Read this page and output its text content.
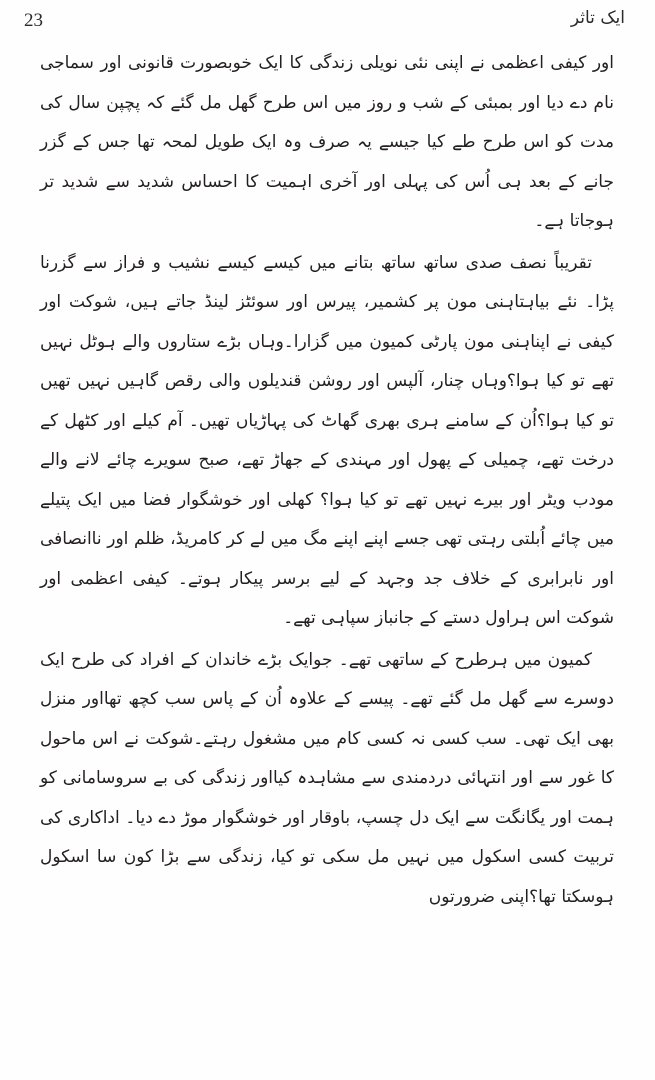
23	ایک تاثر

اور کیفی اعظمی نے اپنی نئی نویلی زندگی کا ایک خوبصورت قانونی اور سماجی نام دے دیا اور بمبئی کے شب و روز میں اس طرح گھل مل گئے کہ پچپن سال کی مدت کو اس طرح طے کیا جیسے یہ صرف وہ ایک طویل لمحہ تھا جس کے گزر جانے کے بعد ہی اُس کی پہلی اور آخری اہمیت کا احساس شدید سے شدید تر ہوجاتا ہے۔

تقریباً نصف صدی ساتھ ساتھ بتانے میں کیسے کیسے نشیب و فراز سے گزرنا پڑا۔ نئے بیاہتاہنی مون پر کشمیر، پیرس اور سوئٹز لینڈ جاتے ہیں، شوکت اور کیفی نے اپناہنی مون پارٹی کمیون میں گزارا۔وہاں بڑے ستاروں والے ہوٹل نہیں تھے تو کیا ہوا؟وہاں چنار، آلپس اور روشن قندیلوں والی رقص گاہیں نہیں تھیں تو کیا ہوا؟اُن کے سامنے ہری بھری گھاٹ کی پہاڑیاں تھیں۔ آم کیلے اور کٹھل کے درخت تھے، چمیلی کے پھول اور مہندی کے جھاڑ تھے، صبح سویرے چائے لانے والے مودب ویٹر اور بیرے نہیں تھے تو کیا ہوا؟ کھلی اور خوشگوار فضا میں ایک پتیلے میں چائے اُبلتی رہتی تھی جسے اپنے اپنے مگ میں لے کر کامریڈ، ظلم اور ناانصافی اور نابرابری کے خلاف جد وجہد کے لیے برسر پیکار ہوتے۔ کیفی اعظمی اور شوکت اس ہراول دستے کے جانباز سپاہی تھے۔

کمیون میں ہرطرح کے ساتھی تھے۔ جوایک بڑے خاندان کے افراد کی طرح ایک دوسرے سے گھل مل گئے تھے۔ پیسے کے علاوہ اُن کے پاس سب کچھ تھااور منزل بھی ایک تھی۔ سب کسی نہ کسی کام میں مشغول رہتے۔شوکت نے اس ماحول کا غور سے اور انتہائی دردمندی سے مشاہدہ کیااور زندگی کی بے سروسامانی کو ہمت اور یگانگت سے ایک دل چسپ، باوقار اور خوشگوار موڑ دے دیا۔ اداکاری کی تربیت کسی اسکول میں نہیں مل سکی تو کیا، زندگی سے بڑا کون سا اسکول ہوسکتا تھا؟اپنی ضرورتوں
